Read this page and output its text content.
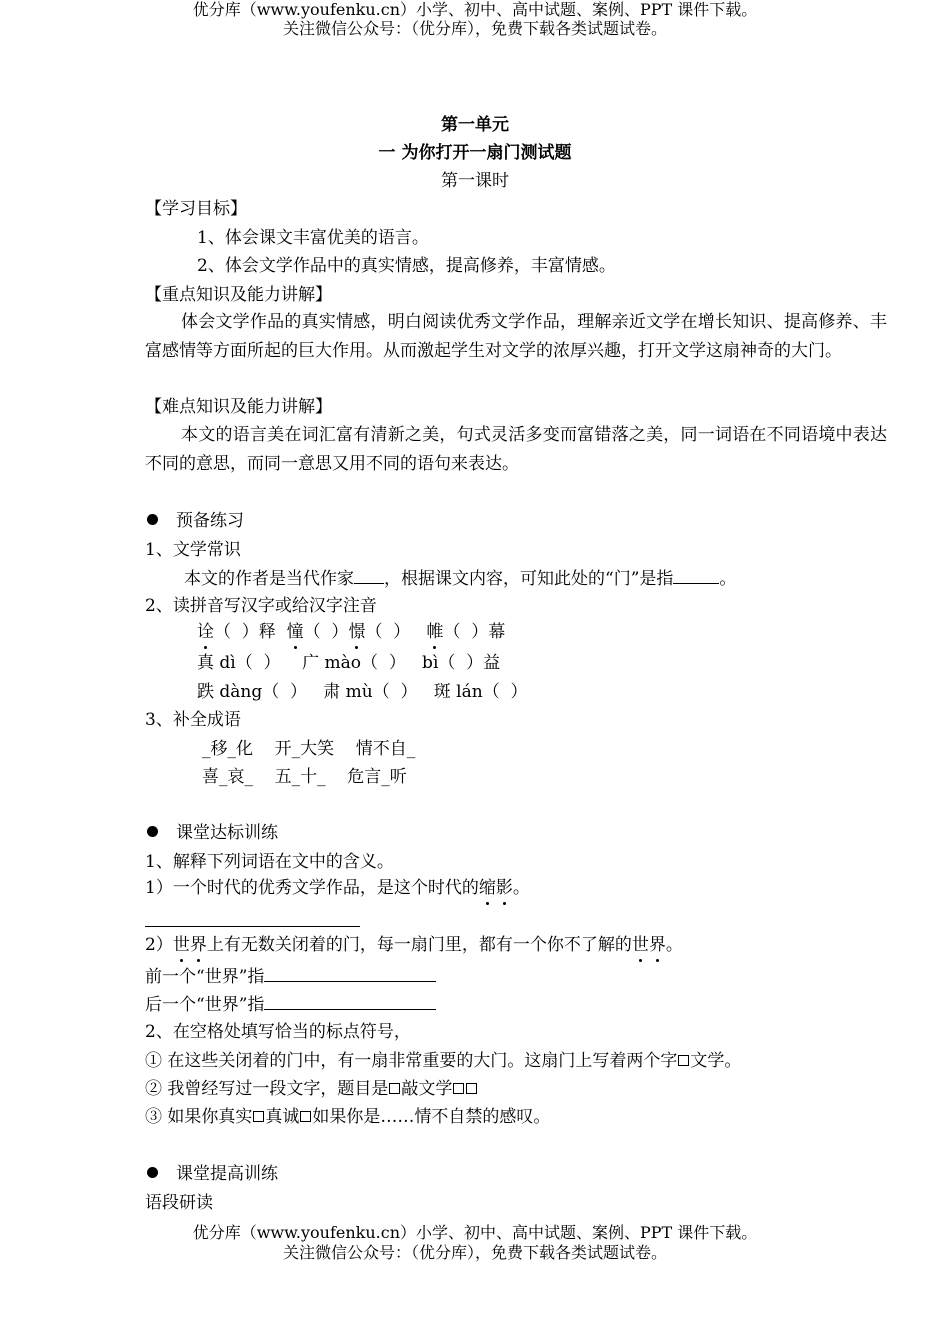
优分库（www.youfenku.cn）小学、初中、高中试题、案例、PPT 课件下载。
关注微信公众号：（优分库），免费下载各类试题试卷。
第一单元
一 为你打开一扇门测试题
第一课时
【学习目标】
1、体会课文丰富优美的语言。
2、体会文学作品中的真实情感，提高修养，丰富情感。
【重点知识及能力讲解】
体会文学作品的真实情感，明白阅读优秀文学作品，理解亲近文学在增长知识、提高修养、丰富感情等方面所起的巨大作用。从而激起学生对文学的浓厚兴趣，打开文学这扇神奇的大门。
【难点知识及能力讲解】
本文的语言美在词汇富有清新之美，句式灵活多变而富错落之美，同一词语在不同语境中表达不同的意思，而同一意思又用不同的语句来表达。
预备练习
1、文学常识
本文的作者是当代作家 ，根据课文内容，可知此处的“门”是指	。
2、读拼音写汉字或给汉字注音
诠（  ）释  憧（  ）憬（  ）   帷（  ）幕
真 dì（  ）    广 mào（  ）   bì（  ）益
跌 dàng（  ）   肃 mù（  ）   斑 lán（  ）
3、补全成语
_移_化    开_大笑    情不自_
喜_哀_    五_十_    危言_听
课堂达标训练
1、解释下列词语在文中的含义。
1）一个时代的优秀文学作品，是这个时代的缩影。
2）世界上有无数关闭着的门，每一扇门里，都有一个你不了解的世界。
前一个“世界”指
后一个“世界”指
2、在空格处填写恰当的标点符号，
① 在这些关闭着的门中，有一扇非常重要的大门。这扇门上写着两个字 文学。
② 我曾经写过一段文字，题目是 敲文学
③ 如果你真实 真诚 如果你是……情不自禁的感叹。
课堂提高训练
语段研读
优分库（www.youfenku.cn）小学、初中、高中试题、案例、PPT 课件下载。
关注微信公众号：（优分库），免费下载各类试题试卷。
